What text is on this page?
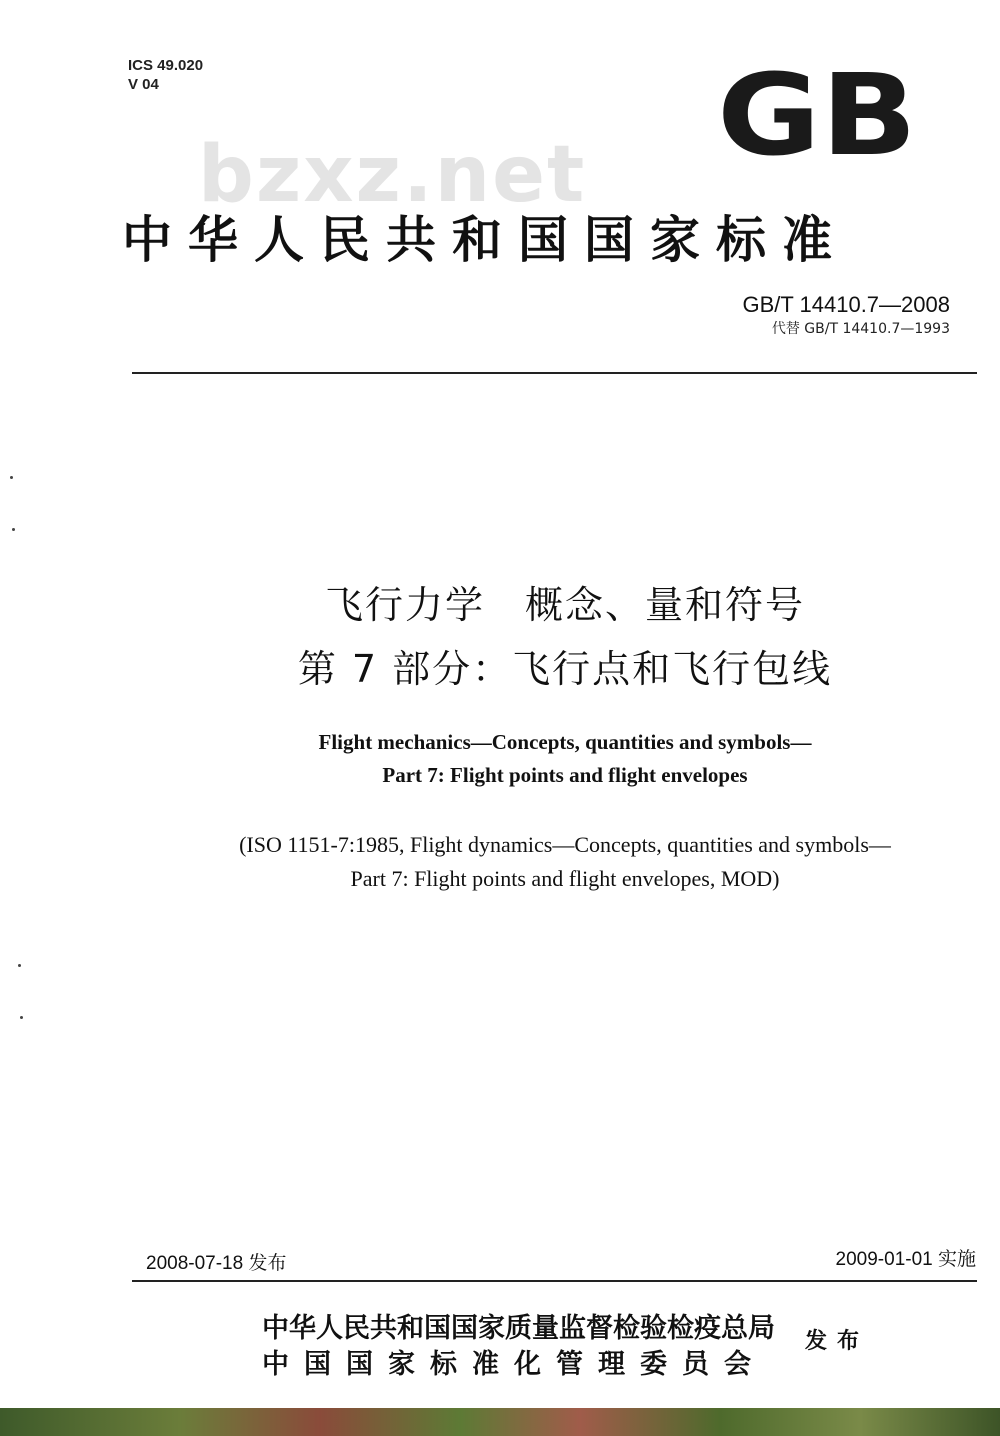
ICS 49.020
V 04
bzxz.net GB
中华人民共和国国家标准
GB/T 14410.7—2008
代替 GB/T 14410.7—1993
飞行力学　概念、量和符号
第 7 部分：飞行点和飞行包线
Flight mechanics—Concepts, quantities and symbols—
Part 7: Flight points and flight envelopes
(ISO 1151-7:1985, Flight dynamics—Concepts, quantities and symbols—
Part 7: Flight points and flight envelopes, MOD)
2008-07-18 发布	2009-01-01 实施
中华人民共和国国家质量监督检验检疫总局
中国国家标准化管理委员会
发布
